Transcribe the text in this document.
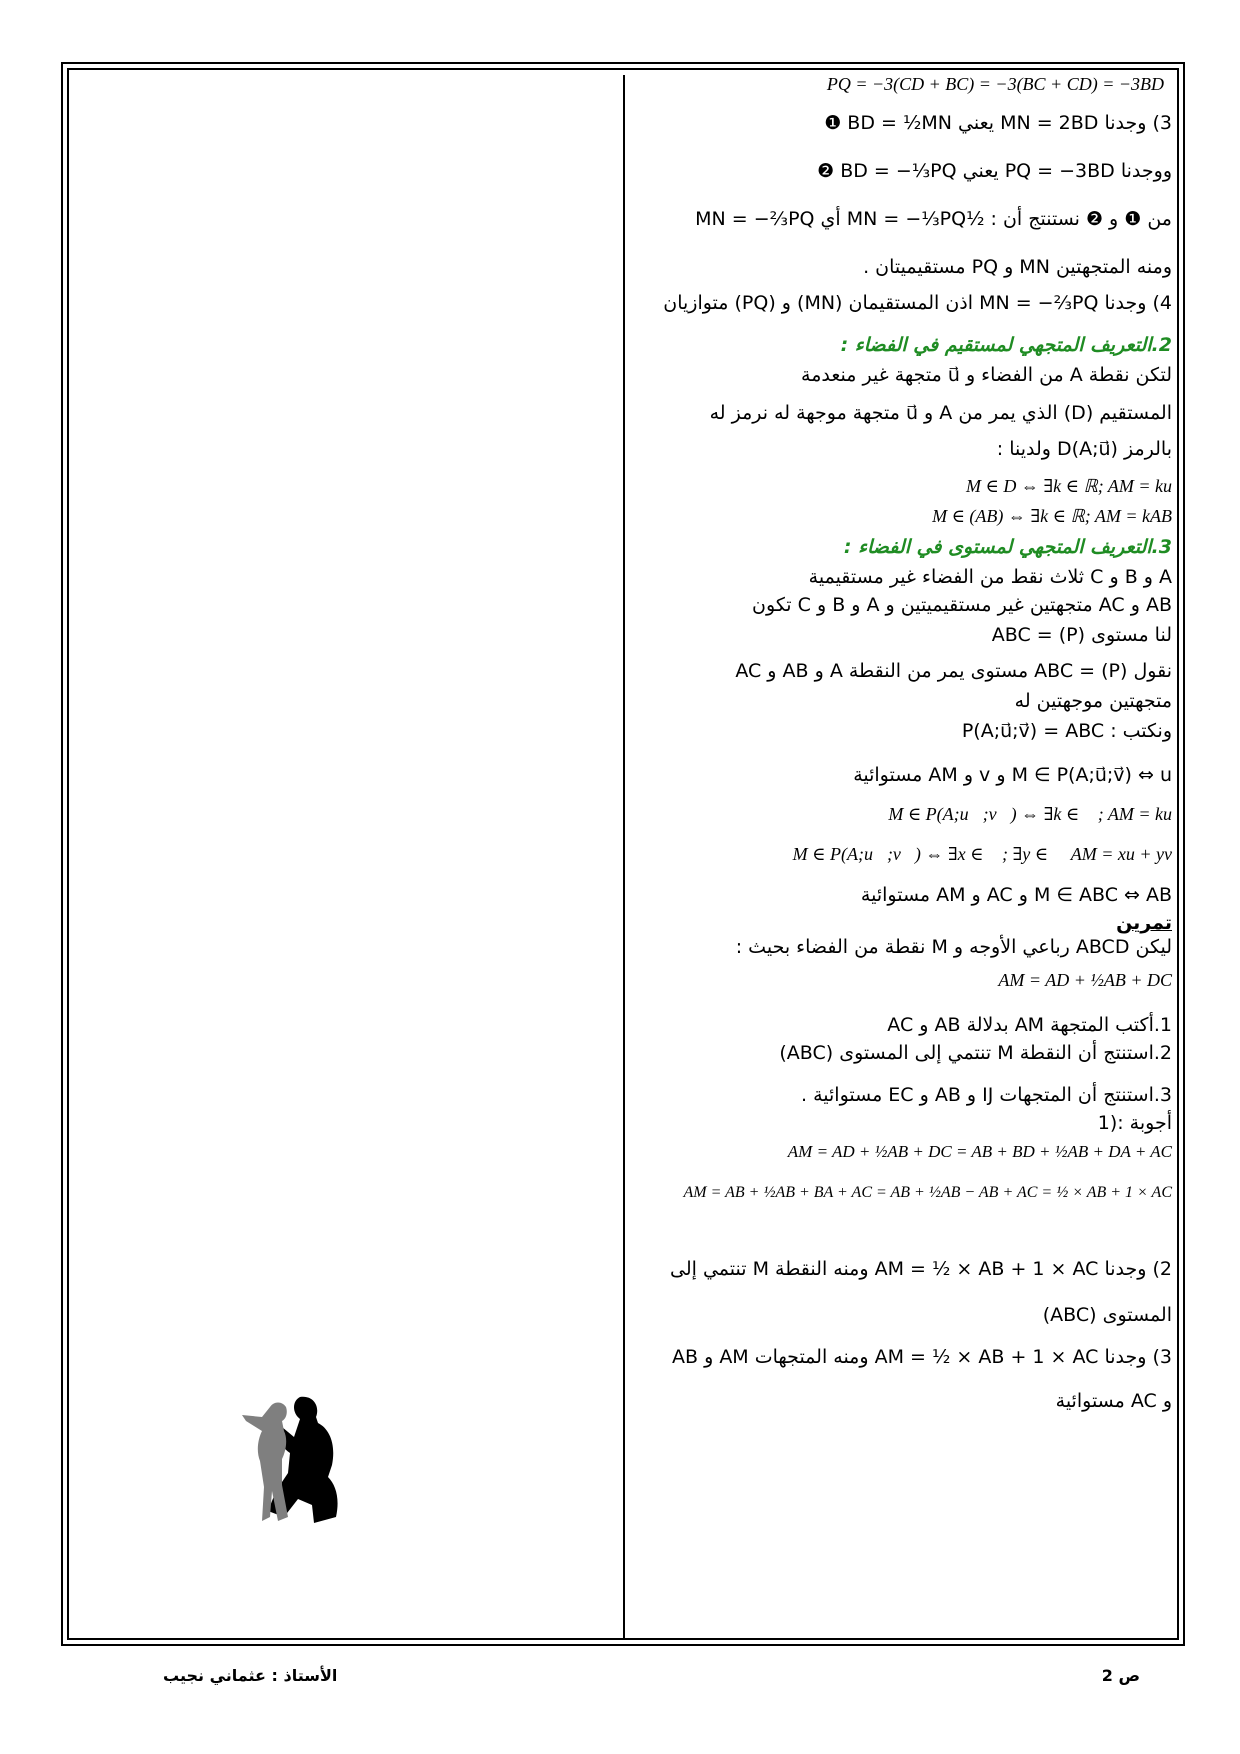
PQ = −3(CD + BC) = −3(BC + CD) = −3BD
3) وجدنا MN = 2BD يعني BD = ½MN ❶
ووجدنا PQ = −3BD يعني BD = −⅓PQ ❷
من ❶ و ❷ نستنتج أن : ½MN = −⅓PQ أي MN = −⅔PQ
ومنه المتجهتين MN و PQ مستقيميتان .
4) وجدنا MN = −⅔PQ اذن المستقيمان (MN) و (PQ) متوازيان
2.التعريف المتجهي لمستقيم في الفضاء :
لتكن نقطة A من الفضاء و u⃗ متجهة غير منعدمة
المستقيم (D) الذي يمر من A و u⃗ متجهة موجهة له نرمز له
بالرمز D(A;u⃗) ولدينا :
M ∈ D ⇔ ∃k ∈ ℝ; AM = ku
M ∈ (AB) ⇔ ∃k ∈ ℝ; AM = kAB
3.التعريف المتجهي لمستوى في الفضاء :
A و B و C ثلاث نقط من الفضاء غير مستقيمية
AB و AC متجهتين غير مستقيميتين و A و B و C تكون
لنا مستوى (P) = ABC
نقول (P) = ABC مستوى يمر من النقطة A و AB و AC
متجهتين موجهتين له
ونكتب : P(A;u⃗;v⃗) = ABC
M ∈ P(A;u⃗;v⃗) ⇔ u و v و AM مستوائية
M ∈ P(A;u⃗;v⃗) ⇔ ∃k ∈ ℝ; AM = ku
M ∈ P(A;u⃗;v⃗) ⇔ ∃x ∈ ℝ; ∃y ∈ ℝ AM = xu + yv
M ∈ ABC ⇔ AB و AC و AM مستوائية
تمرين
ليكن ABCD رباعي الأوجه و M نقطة من الفضاء بحيث :
AM = AD + ½AB + DC
1.أكتب المتجهة AM بدلالة AB و AC
2.استنتج أن النقطة M تنتمي إلى المستوى (ABC)
3.استنتج أن المتجهات IJ و AB و EC مستوائية .
أجوبة :(1
AM = AD + ½AB + DC = AB + BD + ½AB + DA + AC
AM = AB + ½AB + BA + AC = AB + ½AB − AB + AC = ½ × AB + 1 × AC
2) وجدنا AM = ½ × AB + 1 × AC ومنه النقطة M تنتمي إلى
المستوى (ABC)
3) وجدنا AM = ½ × AB + 1 × AC ومنه المتجهات AM و AB
و AC مستوائية
الأستاذ : عثماني نجيب	ص 2
